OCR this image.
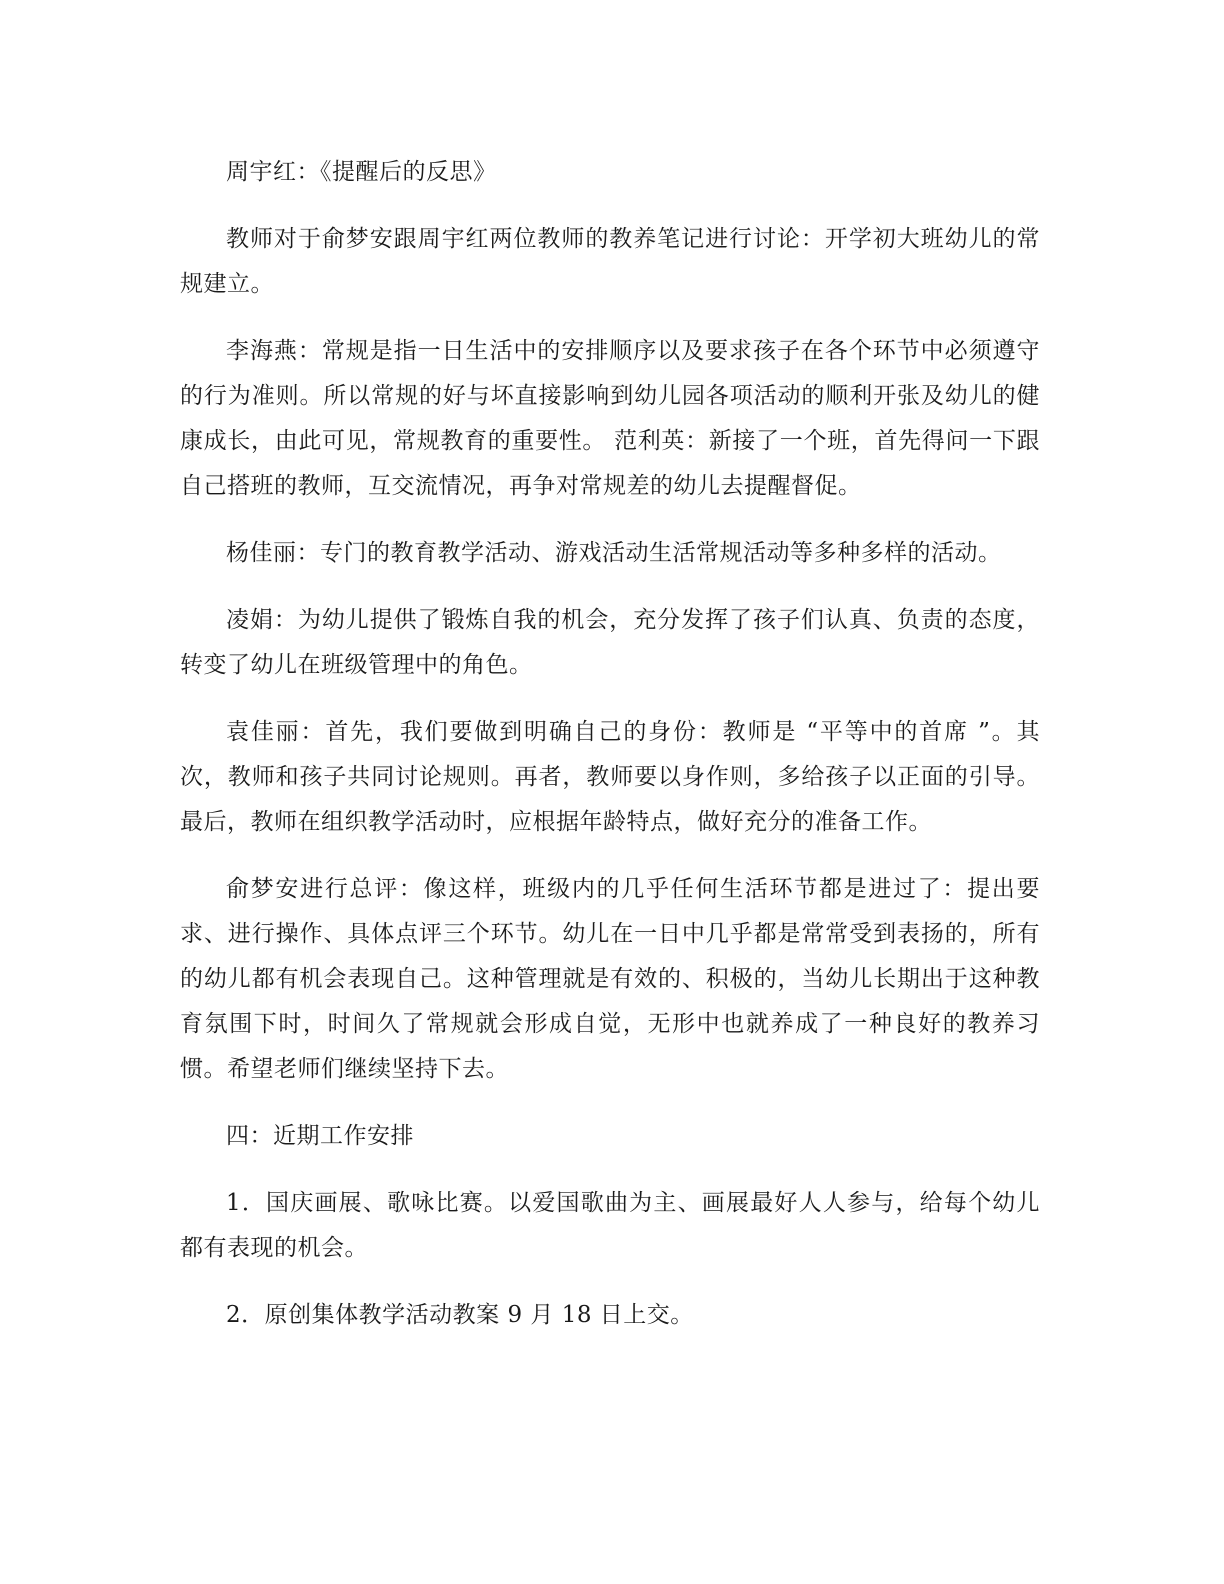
周宇红：《提醒后的反思》

教师对于俞梦安跟周宇红两位教师的教养笔记进行讨论：开学初大班幼儿的常规建立。

李海燕：常规是指一日生活中的安排顺序以及要求孩子在各个环节中必须遵守的行为准则。所以常规的好与坏直接影响到幼儿园各项活动的顺利开张及幼儿的健康成长，由此可见，常规教育的重要性。 范利英：新接了一个班，首先得问一下跟自己搭班的教师，互交流情况，再争对常规差的幼儿去提醒督促。

杨佳丽：专门的教育教学活动、游戏活动生活常规活动等多种多样的活动。

凌娟：为幼儿提供了锻炼自我的机会，充分发挥了孩子们认真、负责的态度，转变了幼儿在班级管理中的角色。

袁佳丽：首先，我们要做到明确自己的身份：教师是 “平等中的首席 ”。其次，教师和孩子共同讨论规则。再者，教师要以身作则，多给孩子以正面的引导。最后，教师在组织教学活动时，应根据年龄特点，做好充分的准备工作。

俞梦安进行总评：像这样，班级内的几乎任何生活环节都是进过了：提出要求、进行操作、具体点评三个环节。幼儿在一日中几乎都是常常受到表扬的，所有的幼儿都有机会表现自己。这种管理就是有效的、积极的，当幼儿长期出于这种教育氛围下时，时间久了常规就会形成自觉，无形中也就养成了一种良好的教养习惯。希望老师们继续坚持下去。

四：近期工作安排

1．国庆画展、歌咏比赛。以爱国歌曲为主、画展最好人人参与，给每个幼儿都有表现的机会。

2．原创集体教学活动教案 9 月 18 日上交。
